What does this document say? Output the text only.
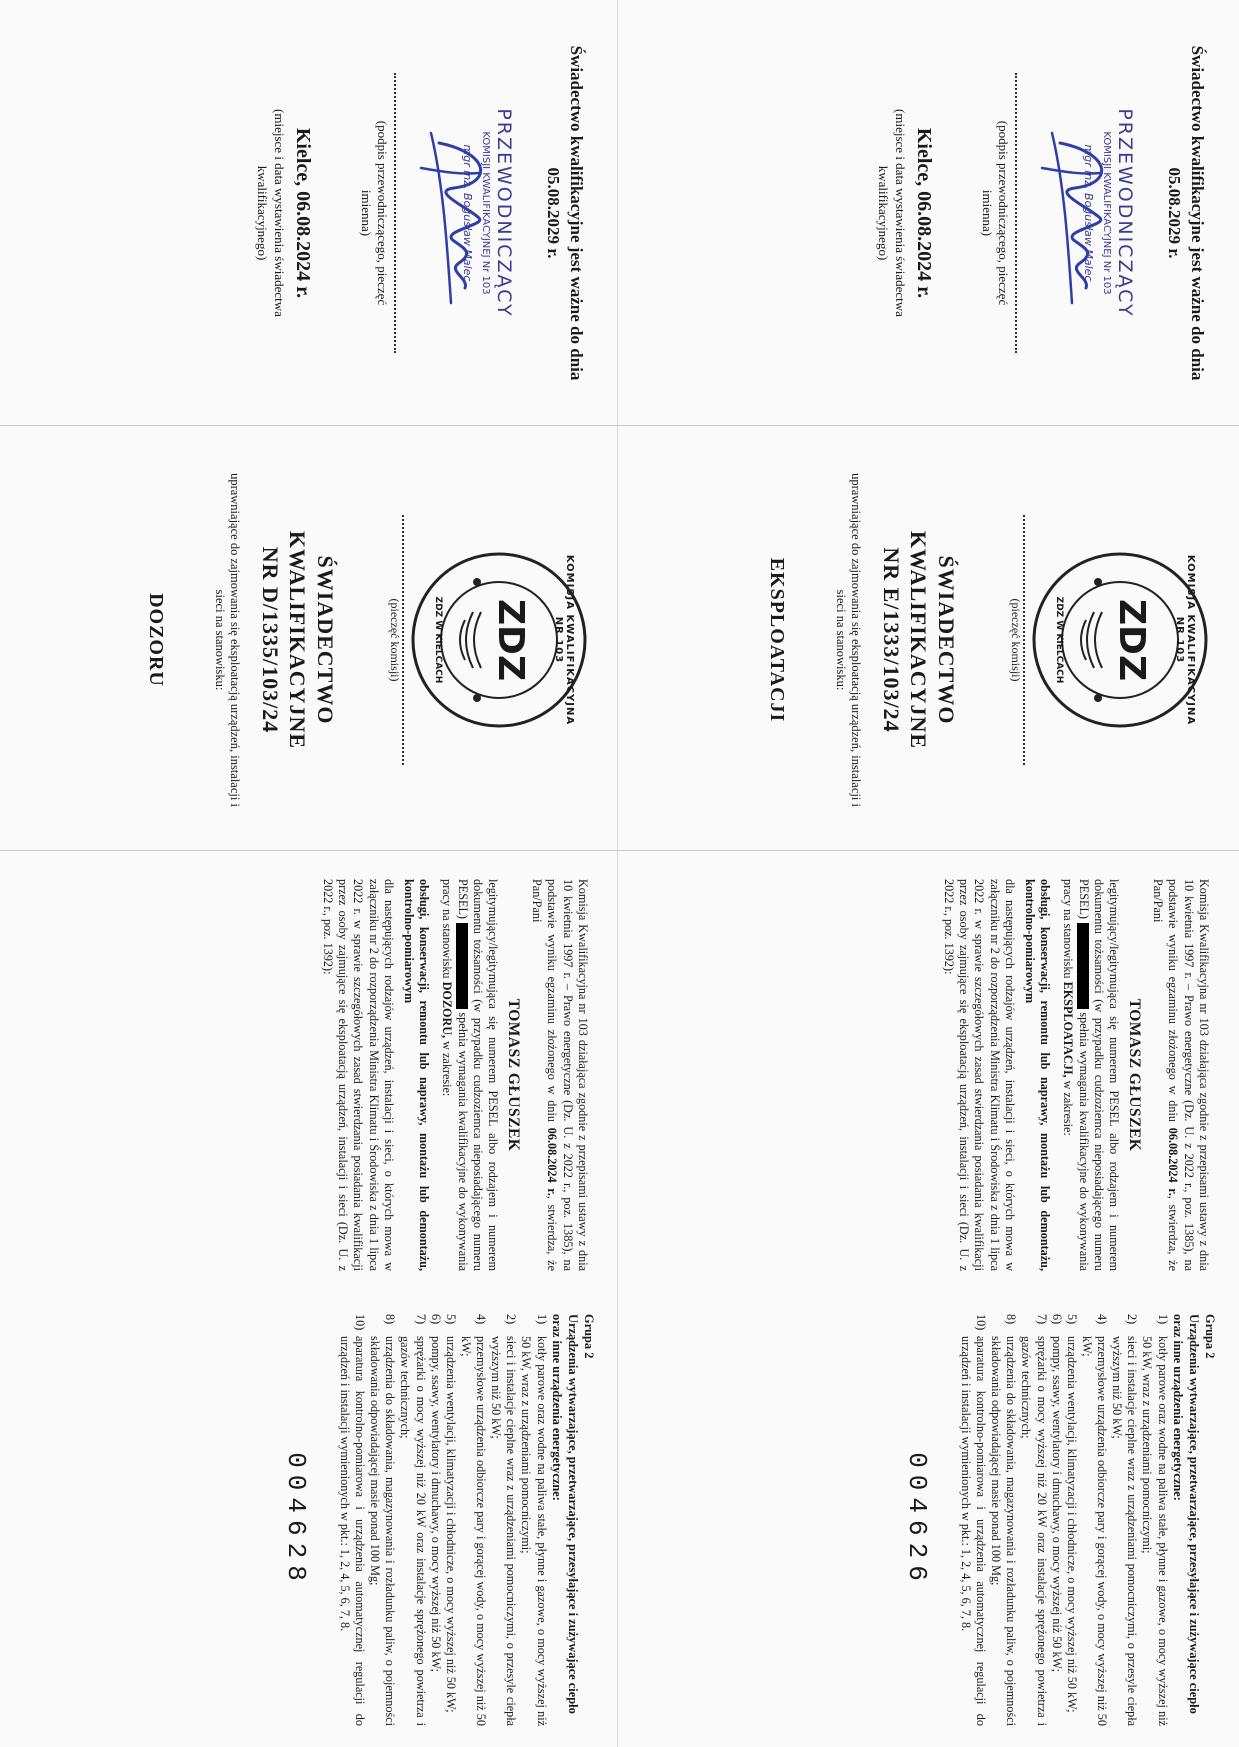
Świadectwo kwalifikacyjne jest ważne do dnia 05.08.2029 r.
PRZEWODNICZĄCY
KOMISJI KWALIFIKACYJNEJ Nr 103
mgr inż. Bogusław Malec
(podpis przewodniczącego, pieczęć imienna)
Kielce, 06.08.2024 r.
(miejsce i data wystawienia świadectwa kwalifikacyjnego)
KOMISJA KWALIFIKACYJNA NR 103
ZDZ
ZDZ W KIELCACH
(pieczęć komisji)
ŚWIADECTWO
KWALIFIKACYJNE
NR E/1333/103/24
uprawniające do zajmowania się eksploatacją urządzeń, instalacji i sieci na stanowisku:
EKSPLOATACJI
Komisja Kwalifikacyjna nr 103 działająca zgodnie z przepisami ustawy z dnia 10 kwietnia 1997 r. – Prawo energetyczne (Dz. U. z 2022 r., poz. 1385), na podstawie wyniku egzaminu złożonego w dniu 06.08.2024 r., stwierdza, że Pan/Pani
TOMASZ GŁUSZEK
legitymujący/legitymująca się numerem PESEL albo rodzajem i numerem dokumentu tożsamości (w przypadku cudzoziemca nieposiadającego numeru PESEL)  spełnia wymagania kwalifikacyjne do wykonywania pracy na stanowisku EKSPLOATACJI, w zakresie:
obsługi, konserwacji, remontu lub naprawy, montażu lub demontażu, kontrolno-pomiarowym
dla następujących rodzajów urządzeń, instalacji i sieci, o których mowa w załączniku nr 2 do rozporządzenia Ministra Klimatu i Środowiska z dnia 1 lipca 2022 r. w sprawie szczegółowych zasad stwierdzania posiadania kwalifikacji przez osoby zajmujące się eksploatacją urządzeń, instalacji i sieci (Dz. U. z 2022 r., poz. 1392):
Grupa 2
Urządzenia wytwarzające, przetwarzające, przesyłające i zużywające ciepło oraz inne urządzenia energetyczne:
1)
kotły parowe oraz wodne na paliwa stałe, płynne i gazowe, o mocy wyższej niż 50 kW, wraz z urządzeniami pomocniczymi;
2)
sieci i instalacje cieplne wraz z urządzeniami pomocniczymi, o przesyle ciepła wyższym niż 50 kW;
4)
przemysłowe urządzenia odbiorcze pary i gorącej wody, o mocy wyższej niż 50 kW;
5)
urządzenia wentylacji, klimatyzacji i chłodnicze, o mocy wyższej niż 50 kW;
6)
pompy, ssawy, wentylatory i dmuchawy, o mocy wyższej niż 50 kW;
7)
sprężarki o mocy wyższej niż 20 kW oraz instalacje sprężonego powietrza i gazów technicznych;
8)
urządzenia do składowania, magazynowania i rozładunku paliw, o pojemności składowania odpowiadającej masie ponad 100 Mg;
10)
aparatura kontrolno-pomiarowa i urządzenia automatycznej regulacji do urządzeń i instalacji wymienionych w pkt.: 1, 2, 4, 5, 6, 7, 8.
004626
Świadectwo kwalifikacyjne jest ważne do dnia 05.08.2029 r.
PRZEWODNICZĄCY
KOMISJI KWALIFIKACYJNEJ Nr 103
mgr inż. Bogusław Malec
(podpis przewodniczącego, pieczęć imienna)
Kielce, 06.08.2024 r.
(miejsce i data wystawienia świadectwa kwalifikacyjnego)
KOMISJA KWALIFIKACYJNA NR 103
ZDZ
ZDZ W KIELCACH
(pieczęć komisji)
ŚWIADECTWO
KWALIFIKACYJNE
NR D/1335/103/24
uprawniające do zajmowania się eksploatacją urządzeń, instalacji i sieci na stanowisku:
DOZORU
Komisja Kwalifikacyjna nr 103 działająca zgodnie z przepisami ustawy z dnia 10 kwietnia 1997 r. – Prawo energetyczne (Dz. U. z 2022 r., poz. 1385), na podstawie wyniku egzaminu złożonego w dniu 06.08.2024 r., stwierdza, że Pan/Pani
TOMASZ GŁUSZEK
legitymujący/legitymująca się numerem PESEL albo rodzajem i numerem dokumentu tożsamości (w przypadku cudzoziemca nieposiadającego numeru PESEL)  spełnia wymagania kwalifikacyjne do wykonywania pracy na stanowisku DOZORU, w zakresie:
obsługi, konserwacji, remontu lub naprawy, montażu lub demontażu, kontrolno-pomiarowym
dla następujących rodzajów urządzeń, instalacji i sieci, o których mowa w załączniku nr 2 do rozporządzenia Ministra Klimatu i Środowiska z dnia 1 lipca 2022 r. w sprawie szczegółowych zasad stwierdzania posiadania kwalifikacji przez osoby zajmujące się eksploatacją urządzeń, instalacji i sieci (Dz. U. z 2022 r., poz. 1392):
Grupa 2
Urządzenia wytwarzające, przetwarzające, przesyłające i zużywające ciepło oraz inne urządzenia energetyczne:
1)
kotły parowe oraz wodne na paliwa stałe, płynne i gazowe, o mocy wyższej niż 50 kW, wraz z urządzeniami pomocniczymi;
2)
sieci i instalacje cieplne wraz z urządzeniami pomocniczymi, o przesyle ciepła wyższym niż 50 kW;
4)
przemysłowe urządzenia odbiorcze pary i gorącej wody, o mocy wyższej niż 50 kW;
5)
urządzenia wentylacji, klimatyzacji i chłodnicze, o mocy wyższej niż 50 kW;
6)
pompy, ssawy, wentylatory i dmuchawy, o mocy wyższej niż 50 kW;
7)
sprężarki o mocy wyższej niż 20 kW oraz instalacje sprężonego powietrza i gazów technicznych;
8)
urządzenia do składowania, magazynowania i rozładunku paliw, o pojemności składowania odpowiadającej masie ponad 100 Mg;
10)
aparatura kontrolno-pomiarowa i urządzenia automatycznej regulacji do urządzeń i instalacji wymienionych w pkt.: 1, 2, 4, 5, 6, 7, 8.
004628
